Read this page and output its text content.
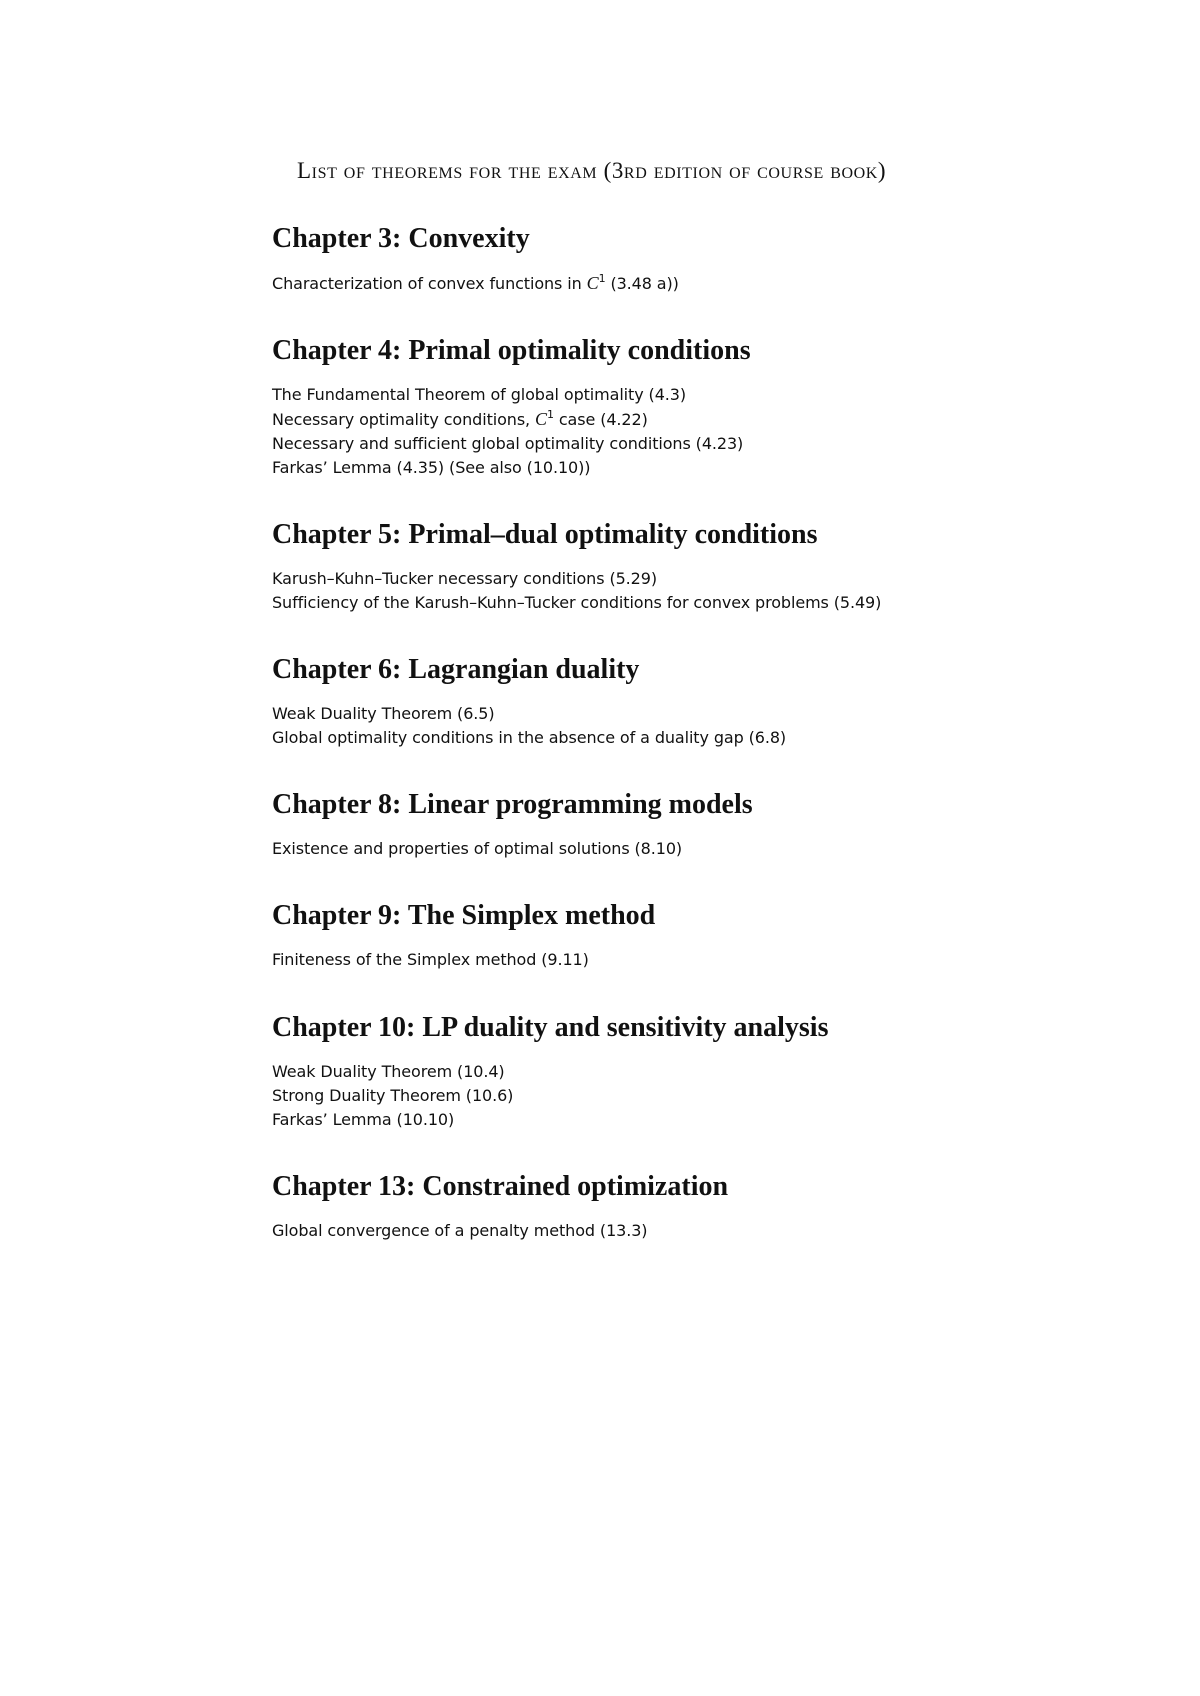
List of theorems for the exam (3rd edition of course book)
Chapter 3: Convexity
Characterization of convex functions in $C^1$ (3.48 a))
Chapter 4: Primal optimality conditions
The Fundamental Theorem of global optimality (4.3)
Necessary optimality conditions, $C^1$ case (4.22)
Necessary and sufficient global optimality conditions (4.23)
Farkas’ Lemma (4.35) (See also (10.10))
Chapter 5: Primal–dual optimality conditions
Karush–Kuhn–Tucker necessary conditions (5.29)
Sufficiency of the Karush–Kuhn–Tucker conditions for convex problems (5.49)
Chapter 6: Lagrangian duality
Weak Duality Theorem (6.5)
Global optimality conditions in the absence of a duality gap (6.8)
Chapter 8: Linear programming models
Existence and properties of optimal solutions (8.10)
Chapter 9: The Simplex method
Finiteness of the Simplex method (9.11)
Chapter 10: LP duality and sensitivity analysis
Weak Duality Theorem (10.4)
Strong Duality Theorem (10.6)
Farkas’ Lemma (10.10)
Chapter 13: Constrained optimization
Global convergence of a penalty method (13.3)
